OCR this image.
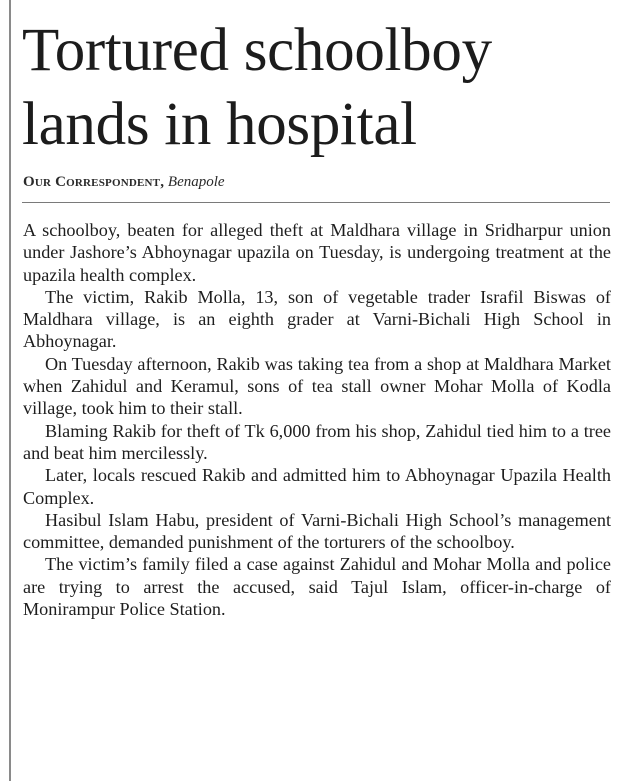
Tortured schoolboy lands in hospital
Our Correspondent, Benapole

A schoolboy, beaten for alleged theft at Maldhara village in Sridharpur union under Jashore’s Abhoynagar upazila on Tuesday, is undergoing treatment at the upazila health complex.

The victim, Rakib Molla, 13, son of vegetable trader Israfil Biswas of Maldhara village, is an eighth grader at Varni-Bichali High School in Abhoynagar.

On Tuesday afternoon, Rakib was taking tea from a shop at Maldhara Market when Zahidul and Keramul, sons of tea stall owner Mohar Molla of Kodla village, took him to their stall.

Blaming Rakib for theft of Tk 6,000 from his shop, Zahidul tied him to a tree and beat him mercilessly.

Later, locals rescued Rakib and admitted him to Abhoynagar Upazila Health Complex.

Hasibul Islam Habu, president of Varni-Bichali High School’s management committee, demanded punishment of the torturers of the schoolboy.

The victim’s family filed a case against Zahidul and Mohar Molla and police are trying to arrest the accused, said Tajul Islam, officer-in-charge of Monirampur Police Station.
